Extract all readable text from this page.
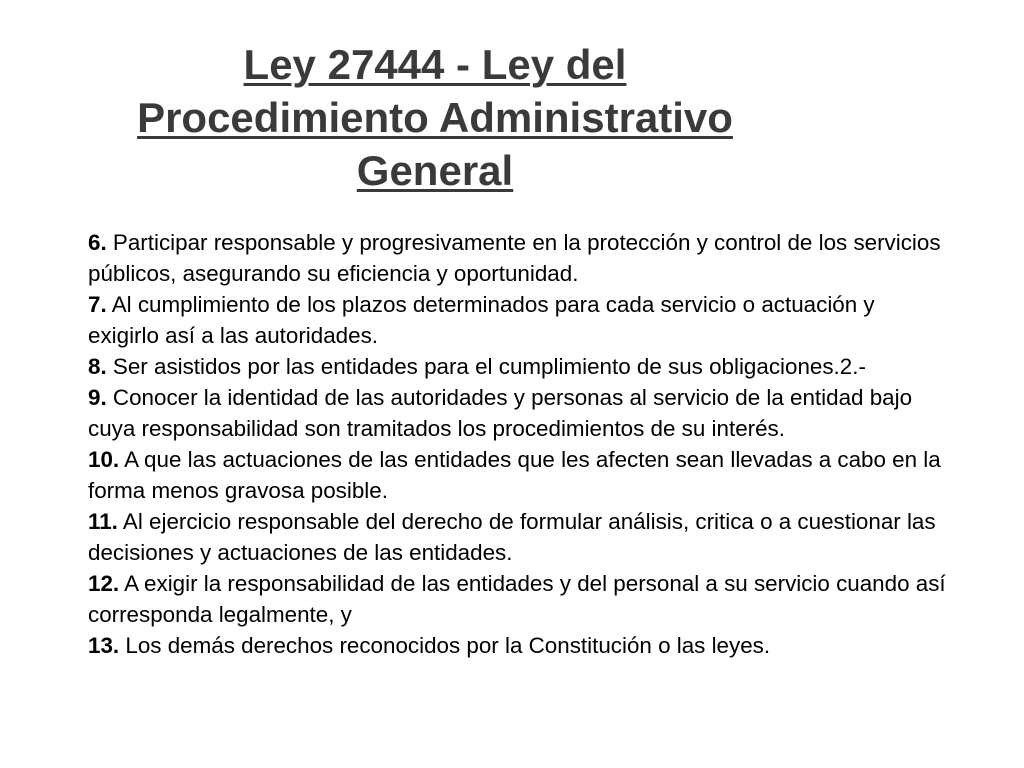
Ley 27444 - Ley del
Procedimiento Administrativo
General
6. Participar responsable y progresivamente en la protección y control de los servicios públicos, asegurando su eficiencia y oportunidad.
7. Al cumplimiento de los plazos determinados para cada servicio o actuación y exigirlo así a las autoridades.
8. Ser asistidos por las entidades para el cumplimiento de sus obligaciones.2.-
9. Conocer la identidad de las autoridades y personas al servicio de la entidad bajo cuya responsabilidad son tramitados los procedimientos de su interés.
10. A que las actuaciones de las entidades que les afecten sean llevadas a cabo en la forma menos gravosa posible.
11. Al ejercicio responsable del derecho de formular análisis, critica o a cuestionar las decisiones y actuaciones de las entidades.
12. A exigir la responsabilidad de las entidades y del personal a su servicio cuando así corresponda legalmente, y
13. Los demás derechos reconocidos por la Constitución o las leyes.
